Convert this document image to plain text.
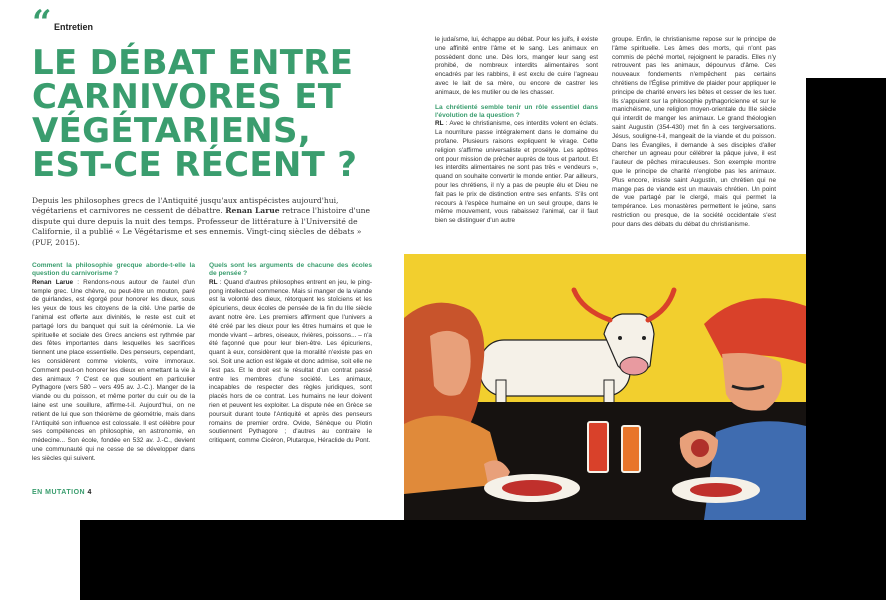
“ Entretien
LE DÉBAT ENTRE
CARNIVORES ET
VÉGÉTARIENS,
EST-CE RÉCENT ?
Depuis les philosophes grecs de l'Antiquité jusqu'aux antispécistes aujourd'hui, végétariens et carnivores ne cessent de débattre. Renan Larue retrace l'histoire d'une dispute qui dure depuis la nuit des temps. Professeur de littérature à l'Université de Californie, il a publié « Le Végétarisme et ses ennemis. Vingt-cinq siècles de débats » (PUF, 2015).

Comment la philosophie grecque aborde-t-elle la question du carnivorisme ?

Renan Larue : Rendons-nous autour de l'autel d'un temple grec. Une chèvre, ou peut-être un mouton, paré de guirlandes, est égorgé pour honorer les dieux, sous les yeux de tous les citoyens de la cité. Une partie de l'animal est offerte aux divinités, le reste est cuit et partagé lors du banquet qui suit la cérémonie. La vie spirituelle et sociale des Grecs anciens est rythmée par des fêtes importantes dans lesquelles les sacrifices tiennent une place essentielle. Des penseurs, cependant, les considèrent comme violents, voire immoraux. Comment peut-on honorer les dieux en emettant la vie à des animaux ? C'est ce que soutient en particulier Pythagore (vers 580 – vers 495 av. J.-C.). Manger de la viande ou du poisson, et même porter du cuir ou de la laine est une souillure, affirme-t-il. Aujourd'hui, on ne retient de lui que son théorème de géométrie, mais dans l'Antiquité son influence est colossale. Il est célèbre pour ses compétences en philosophie, en astronomie, en médecine... Son école, fondée en 532 av. J.-C., devient une communauté qui ne cesse de se développer dans les siècles qui suivent.

Quels sont les arguments de chacune des écoles de pensée ?

RL : Quand d'autres philosophes entrent en jeu, le ping-pong intellectuel commence. Mais si manger de la viande est la volonté des dieux, rétorquent les stoïciens et les épicuriens, deux écoles de pensée de la fin du IIIe siècle avant notre ère. Les premiers affirment que l'univers a été créé par les dieux pour les êtres humains et que le monde vivant – arbres, oiseaux, rivières, poissons... – n'a été façonné que pour leur bien-être. Les épicuriens, quant à eux, considèrent que la moralité n'existe pas en soi. Soit une action est légale et donc admise, soit elle ne l'est pas. Et le droit est le résultat d'un contrat passé entre les membres d'une société. Les animaux, incapables de respecter des règles juridiques, sont placés hors de ce contrat. Les humains ne leur doivent rien et peuvent les exploiter. La dispute née en Grèce se poursuit durant toute l'Antiquité et après des penseurs romains de premier ordre. Ovide, Sénèque ou Plotin soutiennent Pythagore ; d'autres au contraire le critiquent, comme Cicéron, Plutarque, Héraclide du Pont.

le judaïsme, lui, échappe au débat. Pour les juifs, il existe une affinité entre l'âme et le sang. Les animaux en possèdent donc une. Dès lors, manger leur sang est prohibé, de nombreux interdits alimentaires sont encadrés par les rabbins, il est exclu de cuire l'agneau avec le lait de sa mère, ou encore de castrer les animaux, de les mutiler ou de les chasser.

La chrétienté semble tenir un rôle essentiel dans l'évolution de la question ?

RL : Avec le christianisme, ces interdits volent en éclats. La nourriture passe intégralement dans le domaine du profane. Plusieurs raisons expliquent le virage. Cette religion s'affirme universaliste et prosélyte. Les apôtres ont pour mission de prêcher auprès de tous et partout. Et les interdits alimentaires ne sont pas très « vendeurs », quand on souhaite convertir le monde entier. Par ailleurs, pour les chrétiens, il n'y a pas de peuple élu et Dieu ne fait pas le prix de distinction entre ses enfants. S'ils ont recours à l'espèce humaine en un seul groupe, dans le même mouvement, vous rabaissez l'animal, car il faut bien se distinguer d'un autre

groupe. Enfin, le christianisme repose sur le principe de l'âme spirituelle. Les âmes des morts, qui n'ont pas commis de péché mortel, rejoignent le paradis. Elles n'y retrouvent pas les animaux, dépourvus d'âme. Ces nouveaux fondements n'empêchent pas certains chrétiens de l'Église primitive de plaider pour appliquer le principe de charité envers les bêtes et cesser de les tuer. Ils s'appuient sur la philosophie pythagoricienne et sur le manichéisme, une religion moyen-orientale du IIIe siècle qui interdit de manger les animaux. Le grand théologien saint Augustin (354-430) met fin à ces tergiversations. Jésus, souligne-t-il, mangeait de la viande et du poisson. Dans les Évangiles, il demande à ses disciples d'aller chercher un agneau pour célébrer la pâque juive, il est l'auteur de pêches miraculeuses. Son exemple montre que le principe de charité n'englobe pas les animaux. Plus encore, insiste saint Augustin, un chrétien qui ne mange pas de viande est un mauvais chrétien. Un point de vue partagé par le clergé, mais qui permet la tempérance. Les monastères permettent le jeûne, sans restriction ou presque, de la société occidentale s'est pour dans des débats du débat du christianisme.

EN MUTATION 4
